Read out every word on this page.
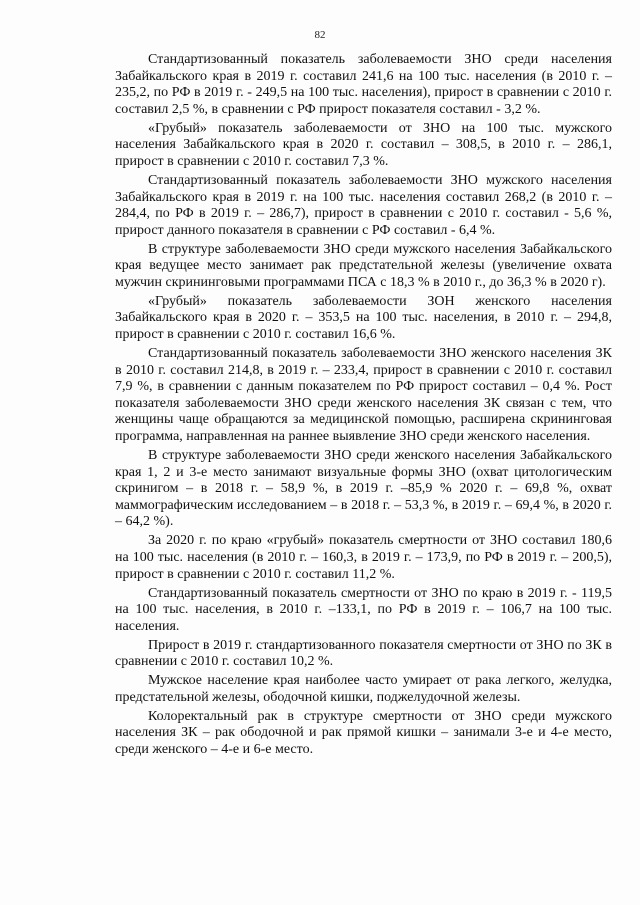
82

Стандартизованный показатель заболеваемости ЗНО среди населения Забайкальского края в 2019 г. составил 241,6 на 100 тыс. населения (в 2010 г. – 235,2, по РФ в 2019 г. - 249,5 на 100 тыс. населения), прирост в сравнении с 2010 г. составил 2,5 %, в сравнении с РФ прирост показателя составил - 3,2 %.

«Грубый» показатель заболеваемости от ЗНО на 100 тыс. мужского населения Забайкальского края в 2020 г. составил – 308,5, в 2010 г. – 286,1, прирост в сравнении с 2010 г. составил 7,3 %.

Стандартизованный показатель заболеваемости ЗНО мужского населения Забайкальского края в 2019 г. на 100 тыс. населения составил 268,2 (в 2010 г. – 284,4, по РФ в 2019 г. – 286,7), прирост в сравнении с 2010 г. составил - 5,6 %, прирост данного показателя в сравнении с РФ составил - 6,4 %.

В структуре заболеваемости ЗНО среди мужского населения Забайкальского края ведущее место занимает рак предстательной железы (увеличение охвата мужчин скрининговыми программами ПСА с 18,3 % в 2010 г., до 36,3 % в 2020 г).

«Грубый» показатель заболеваемости ЗОН женского населения Забайкальского края в 2020 г. – 353,5 на 100 тыс. населения, в 2010 г. – 294,8, прирост в сравнении с 2010 г. составил 16,6 %.

Стандартизованный показатель заболеваемости ЗНО женского населения ЗК в 2010 г. составил 214,8, в 2019 г. – 233,4, прирост в сравнении с 2010 г. составил 7,9 %, в сравнении с данным показателем по РФ прирост составил – 0,4 %. Рост показателя заболеваемости ЗНО среди женского населения ЗК связан с тем, что женщины чаще обращаются за медицинской помощью, расширена скрининговая программа, направленная на раннее выявление ЗНО среди женского населения.

В структуре заболеваемости ЗНО среди женского населения Забайкальского края 1, 2 и 3-е место занимают визуальные формы ЗНО (охват цитологическим скринигом – в 2018 г. – 58,9 %, в 2019 г. –85,9 % 2020 г. – 69,8 %, охват маммографическим исследованием – в 2018 г. – 53,3 %, в 2019 г. – 69,4 %, в 2020 г. – 64,2 %).

За 2020 г. по краю «грубый» показатель смертности от ЗНО составил 180,6 на 100 тыс. населения (в 2010 г. – 160,3, в 2019 г. – 173,9, по РФ в 2019 г. – 200,5), прирост в сравнении с 2010 г. составил 11,2 %.

Стандартизованный показатель смертности от ЗНО по краю в 2019 г. - 119,5 на 100 тыс. населения, в 2010 г. –133,1, по РФ в 2019 г. – 106,7 на 100 тыс. населения.

Прирост в 2019 г. стандартизованного показателя смертности от ЗНО по ЗК в сравнении с 2010 г. составил 10,2 %.

Мужское население края наиболее часто умирает от рака легкого, желудка, предстательной железы, ободочной кишки, поджелудочной железы.

Колоректальный рак в структуре смертности от ЗНО среди мужского населения ЗК – рак ободочной и рак прямой кишки – занимали 3-е и 4-е место, среди женского – 4-е и 6-е место.
